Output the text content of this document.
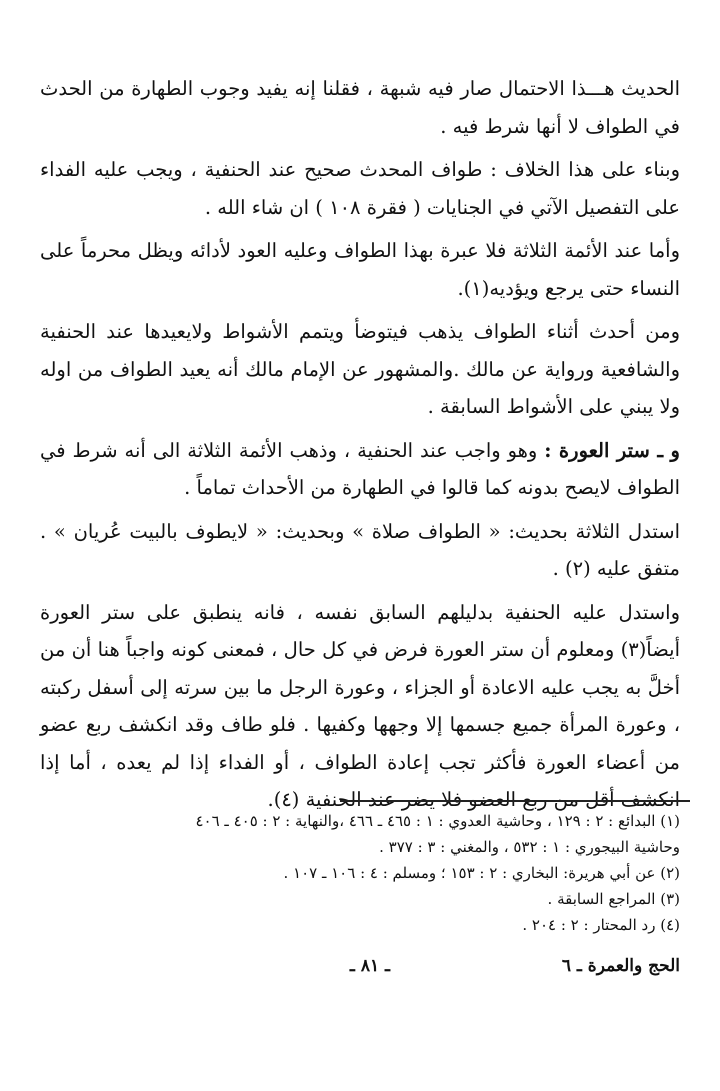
الحديث هـــذا الاحتمال صار فيه شبهة ، فقلنا إنه يفيد وجوب الطهارة من الحدث في الطواف لا أنها شرط فيه .

وبناء على هذا الخلاف : طواف المحدث صحيح عند الحنفية ، ويجب عليه الفداء على التفصيل الآتي في الجنايات ( فقرة ١٠٨ ) ان شاء الله .

وأما عند الأئمة الثلاثة فلا عبرة بهذا الطواف وعليه العود لأدائه ويظل محرماً على النساء حتى يرجع ويؤديه(١).

ومن أحدث أثناء الطواف يذهب فيتوضأ ويتمم الأشواط ولايعيدها عند الحنفية والشافعية ورواية عن مالك .والمشهور عن الإمام مالك أنه يعيد الطواف من اوله ولا يبني على الأشواط السابقة .

و ـ ستر العورة : وهو واجب عند الحنفية ، وذهب الأئمة الثلاثة الى أنه شرط في الطواف لايصح بدونه كما قالوا في الطهارة من الأحداث تماماً .

استدل الثلاثة بحديث: « الطواف صلاة » وبحديث: « لايطوف بالبيت عُريان » . متفق عليه (٢) .

واستدل عليه الحنفية بدليلهم السابق نفسه ، فانه ينطبق على ستر العورة أيضاً(٣) ومعلوم أن ستر العورة فرض في كل حال ، فمعنى كونه واجباً هنا أن من أخلَّ به يجب عليه الاعادة أو الجزاء ، وعورة الرجل ما بين سرته إلى أسفل ركبته ، وعورة المرأة جميع جسمها إلا وجهها وكفيها . فلو طاف وقد انكشف ربع عضو من أعضاء العورة فأكثر تجب إعادة الطواف ، أو الفداء إذا لم يعده ، أما إذا انكشف أقل من ربع العضو فلا يضر عند الحنفية (٤).

(١) البدائع : ٢ : ١٢٩ ، وحاشية العدوي : ١ : ٤٦٥ ـ ٤٦٦ ،والنهاية : ٢ : ٤٠٥ ـ ٤٠٦

وحاشية البيجوري : ١ : ٥٣٢ ، والمغني : ٣ : ٣٧٧ .

(٢) عن أبي هريرة: البخاري : ٢ : ١٥٣ ؛ ومسلم : ٤ : ١٠٦ ـ ١٠٧ .

(٣) المراجع السابقة .

(٤) رد المحتار : ٢ : ٢٠٤ .

الحج والعمرة ـ ٦
ـ ٨١ ـ
